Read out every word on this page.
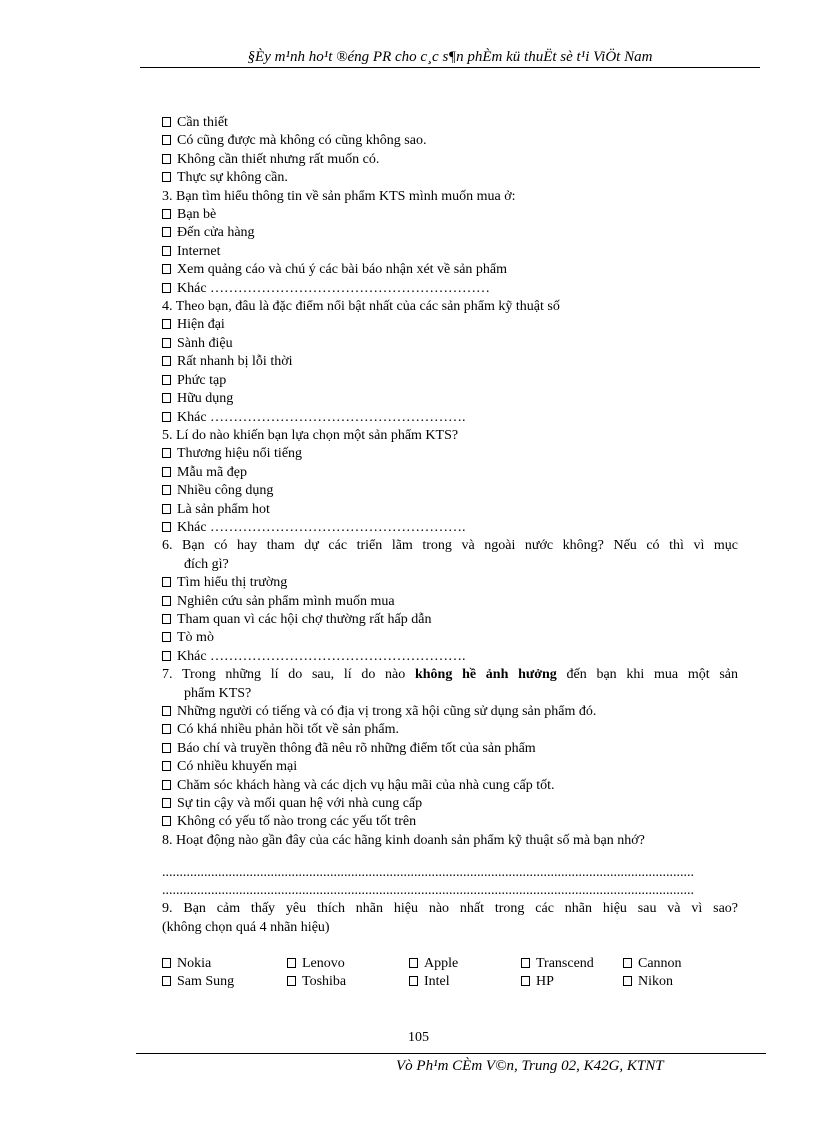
§Èy m¹nh ho¹t ®éng PR cho c¸c s¶n phÈm kü thuËt sè t¹i ViÖt Nam
Cần thiết
Có cũng được mà không có cũng không sao.
Không cần thiết nhưng rất muốn có.
Thực sự không cần.
3. Bạn tìm hiểu thông tin về sản phẩm KTS mình muốn mua ở:
Bạn bè
Đến cửa hàng
Internet
Xem quảng cáo và chú ý các bài báo nhận xét về sản phẩm
Khác ……………………………………………………
4. Theo bạn, đâu là đặc điểm nổi bật nhất của các sản phẩm kỹ thuật số
Hiện đại
Sành điệu
Rất nhanh bị lỗi thời
Phức tạp
Hữu dụng
Khác ……………………………………………….
5. Lí do nào khiến bạn lựa chọn một sản phẩm KTS?
Thương hiệu nổi tiếng
Mẫu mã đẹp
Nhiều công dụng
Là sản phẩm hot
Khác ……………………………………………….
6. Bạn có hay tham dự các triển lãm trong và ngoài nước không? Nếu có thì vì mục
đích gì?
Tìm hiểu thị trường
Nghiên cứu sản phẩm mình muốn mua
Tham quan vì các hội chợ thường rất hấp dẫn
Tò mò
Khác ……………………………………………….
7. Trong những lí do sau, lí do nào không hề ảnh hưởng đến bạn khi mua một sản
phẩm KTS?
Những người có tiếng và có địa vị trong xã hội cũng sử dụng sản phẩm đó.
Có khá nhiều phản hồi tốt về sản phẩm.
Báo chí và truyền thông đã nêu rõ những điểm tốt của sản phẩm
Có nhiều khuyến mại
Chăm sóc khách hàng và các dịch vụ hậu mãi của nhà cung cấp tốt.
Sự tin cậy và mối quan hệ với nhà cung cấp
Không có yếu tố nào trong các yếu tốt trên
8. Hoạt động nào gần đây của các hãng kinh doanh sản phẩm kỹ thuật số mà bạn nhớ?
........................................................................................................................................................
........................................................................................................................................................
9. Bạn cảm thấy yêu thích nhãn hiệu nào nhất trong các nhãn hiệu sau và vì sao?
(không chọn quá 4 nhãn hiệu)
Nokia	Lenovo	Apple	Transcend	Cannon
Sam Sung	Toshiba	Intel	HP	Nikon
105
Vò Ph¹m CÈm V©n, Trung 02, K42G, KTNT
